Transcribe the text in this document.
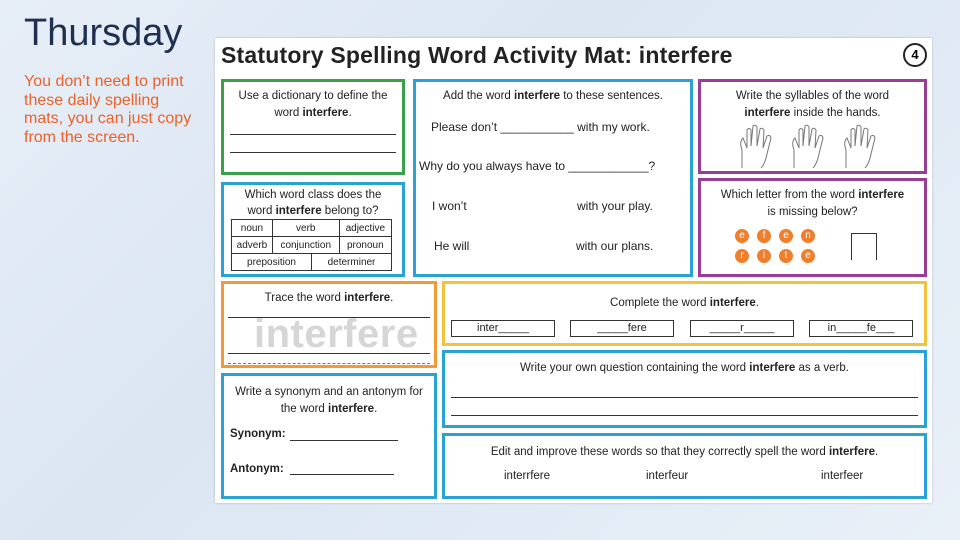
Thursday
You don’t need to print these daily spelling mats, you can just copy from the screen.
Statutory Spelling Word Activity Mat: interfere	4
Use a dictionary to define the
word interfere.
Add the word interfere to these sentences.
Please don’t ___________ with my work.
Why do you always have to ____________?
I won’t	with your play.
He will	with our plans.
Write the syllables of the word
interfere inside the hands.
Which word class does the
word interfere belong to?
noun	verb	adjective
adverb	conjunction	pronoun
preposition	determiner
Which letter from the word interfere
is missing below?
e	f	e	n
r	i	t	e
Trace the word interfere.
interfere
Complete the word interfere.
inter_____	_____fere	_____r_____	in_____fe___
Write your own question containing the word interfere as a verb.
Write a synonym and an antonym for
the word interfere.
Synonym:
Antonym:
Edit and improve these words so that they correctly spell the word interfere.
interrfere	interfeur	interfeer
